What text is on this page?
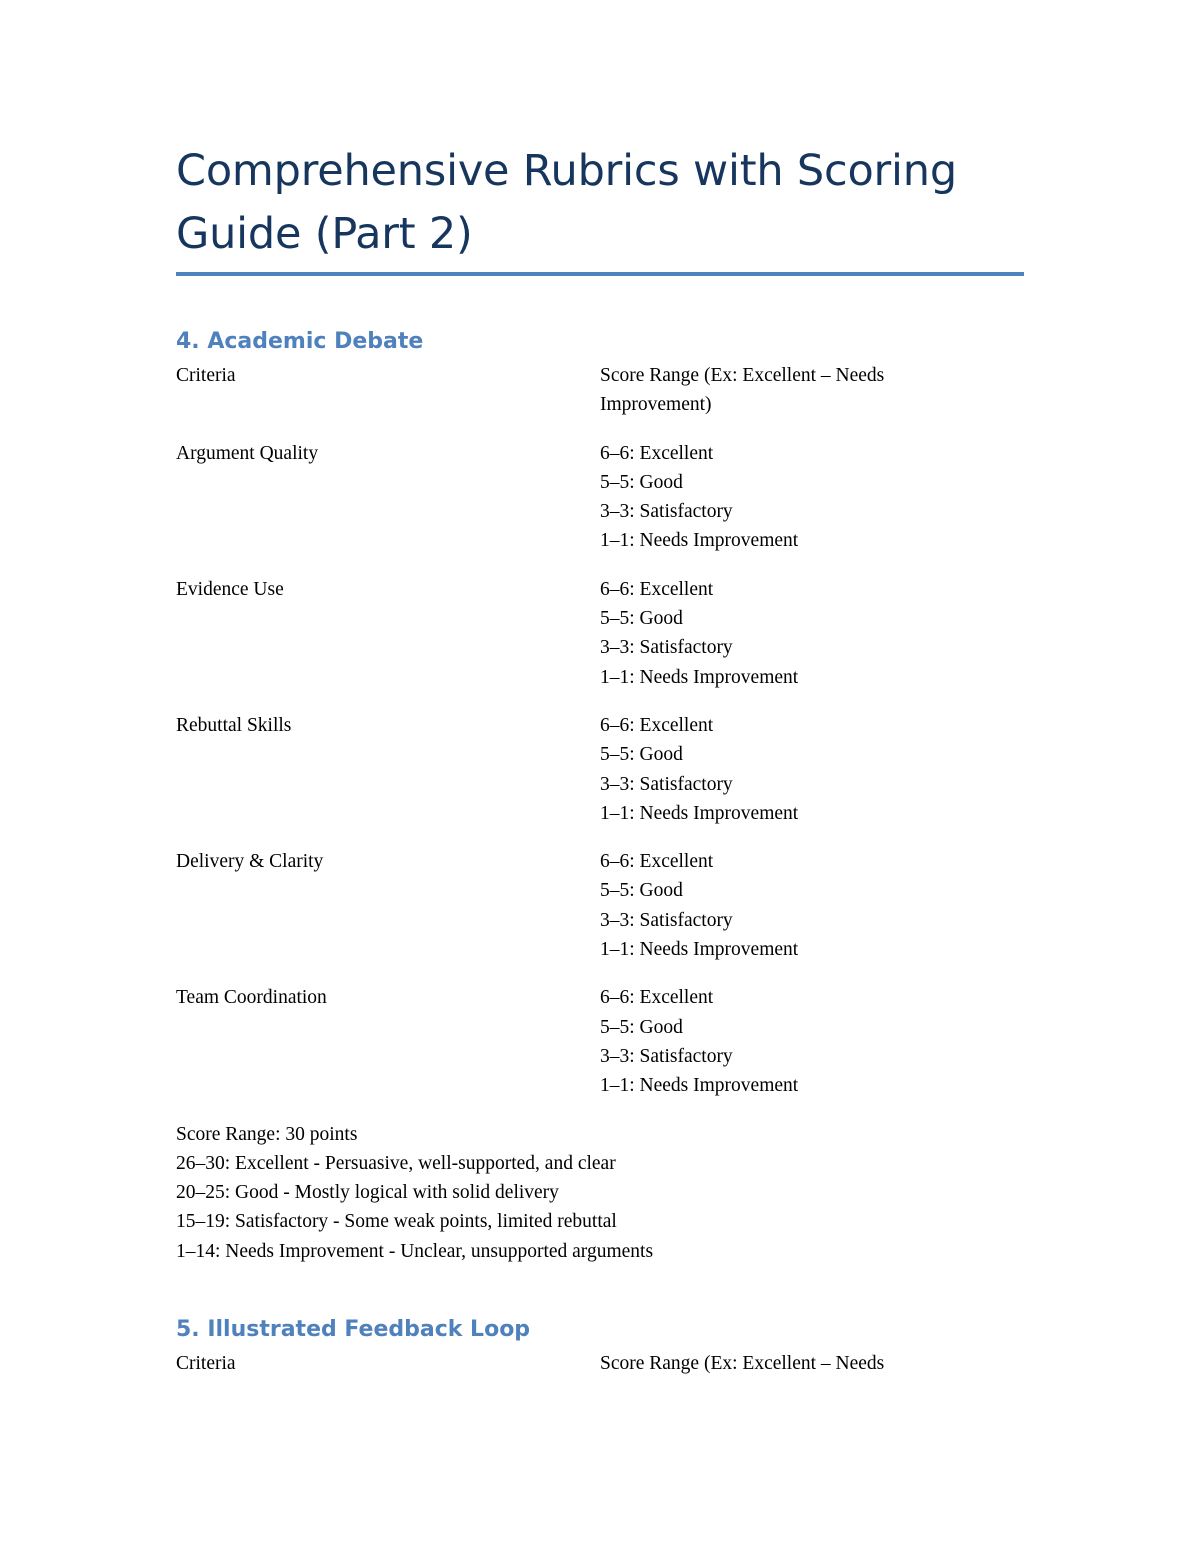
Comprehensive Rubrics with Scoring Guide (Part 2)
4. Academic Debate
Criteria	Score Range (Ex: Excellent – Needs Improvement)
Argument Quality	6–6: Excellent
5–5: Good
3–3: Satisfactory
1–1: Needs Improvement
Evidence Use	6–6: Excellent
5–5: Good
3–3: Satisfactory
1–1: Needs Improvement
Rebuttal Skills	6–6: Excellent
5–5: Good
3–3: Satisfactory
1–1: Needs Improvement
Delivery & Clarity	6–6: Excellent
5–5: Good
3–3: Satisfactory
1–1: Needs Improvement
Team Coordination	6–6: Excellent
5–5: Good
3–3: Satisfactory
1–1: Needs Improvement
Score Range: 30 points
26–30: Excellent - Persuasive, well-supported, and clear
20–25: Good - Mostly logical with solid delivery
15–19: Satisfactory - Some weak points, limited rebuttal
1–14: Needs Improvement - Unclear, unsupported arguments
5. Illustrated Feedback Loop
Criteria	Score Range (Ex: Excellent – Needs
